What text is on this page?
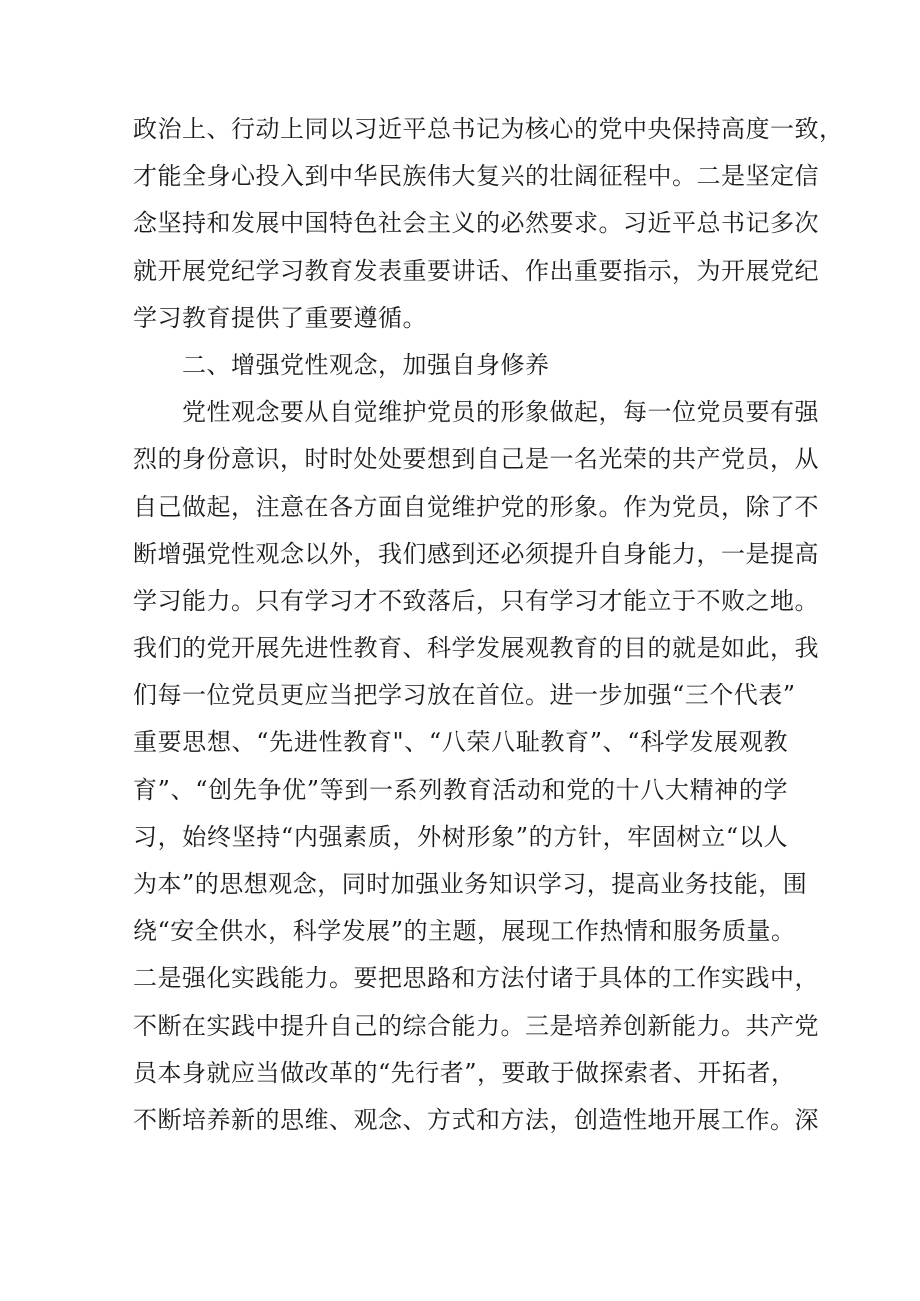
政治上、行动上同以习近平总书记为核心的党中央保持高度一致，
才能全身心投入到中华民族伟大复兴的壮阔征程中。二是坚定信
念坚持和发展中国特色社会主义的必然要求。习近平总书记多次
就开展党纪学习教育发表重要讲话、作出重要指示，为开展党纪
学习教育提供了重要遵循。
二、增强党性观念，加强自身修养
党性观念要从自觉维护党员的形象做起，每一位党员要有强
烈的身份意识，时时处处要想到自己是一名光荣的共产党员，从
自己做起，注意在各方面自觉维护党的形象。作为党员，除了不
断增强党性观念以外，我们感到还必须提升自身能力，一是提高
学习能力。只有学习才不致落后，只有学习才能立于不败之地。
我们的党开展先进性教育、科学发展观教育的目的就是如此，我
们每一位党员更应当把学习放在首位。进一步加强“三个代表”
重要思想、“先进性教育"、“八荣八耻教育”、“科学发展观教
育”、“创先争优”等到一系列教育活动和党的十八大精神的学
习，始终坚持“内强素质，外树形象”的方针，牢固树立“以人
为本”的思想观念，同时加强业务知识学习，提高业务技能，围
绕“安全供水，科学发展”的主题，展现工作热情和服务质量。
二是强化实践能力。要把思路和方法付诸于具体的工作实践中，
不断在实践中提升自己的综合能力。三是培养创新能力。共产党
员本身就应当做改革的“先行者”，要敢于做探索者、开拓者，
不断培养新的思维、观念、方式和方法，创造性地开展工作。深
